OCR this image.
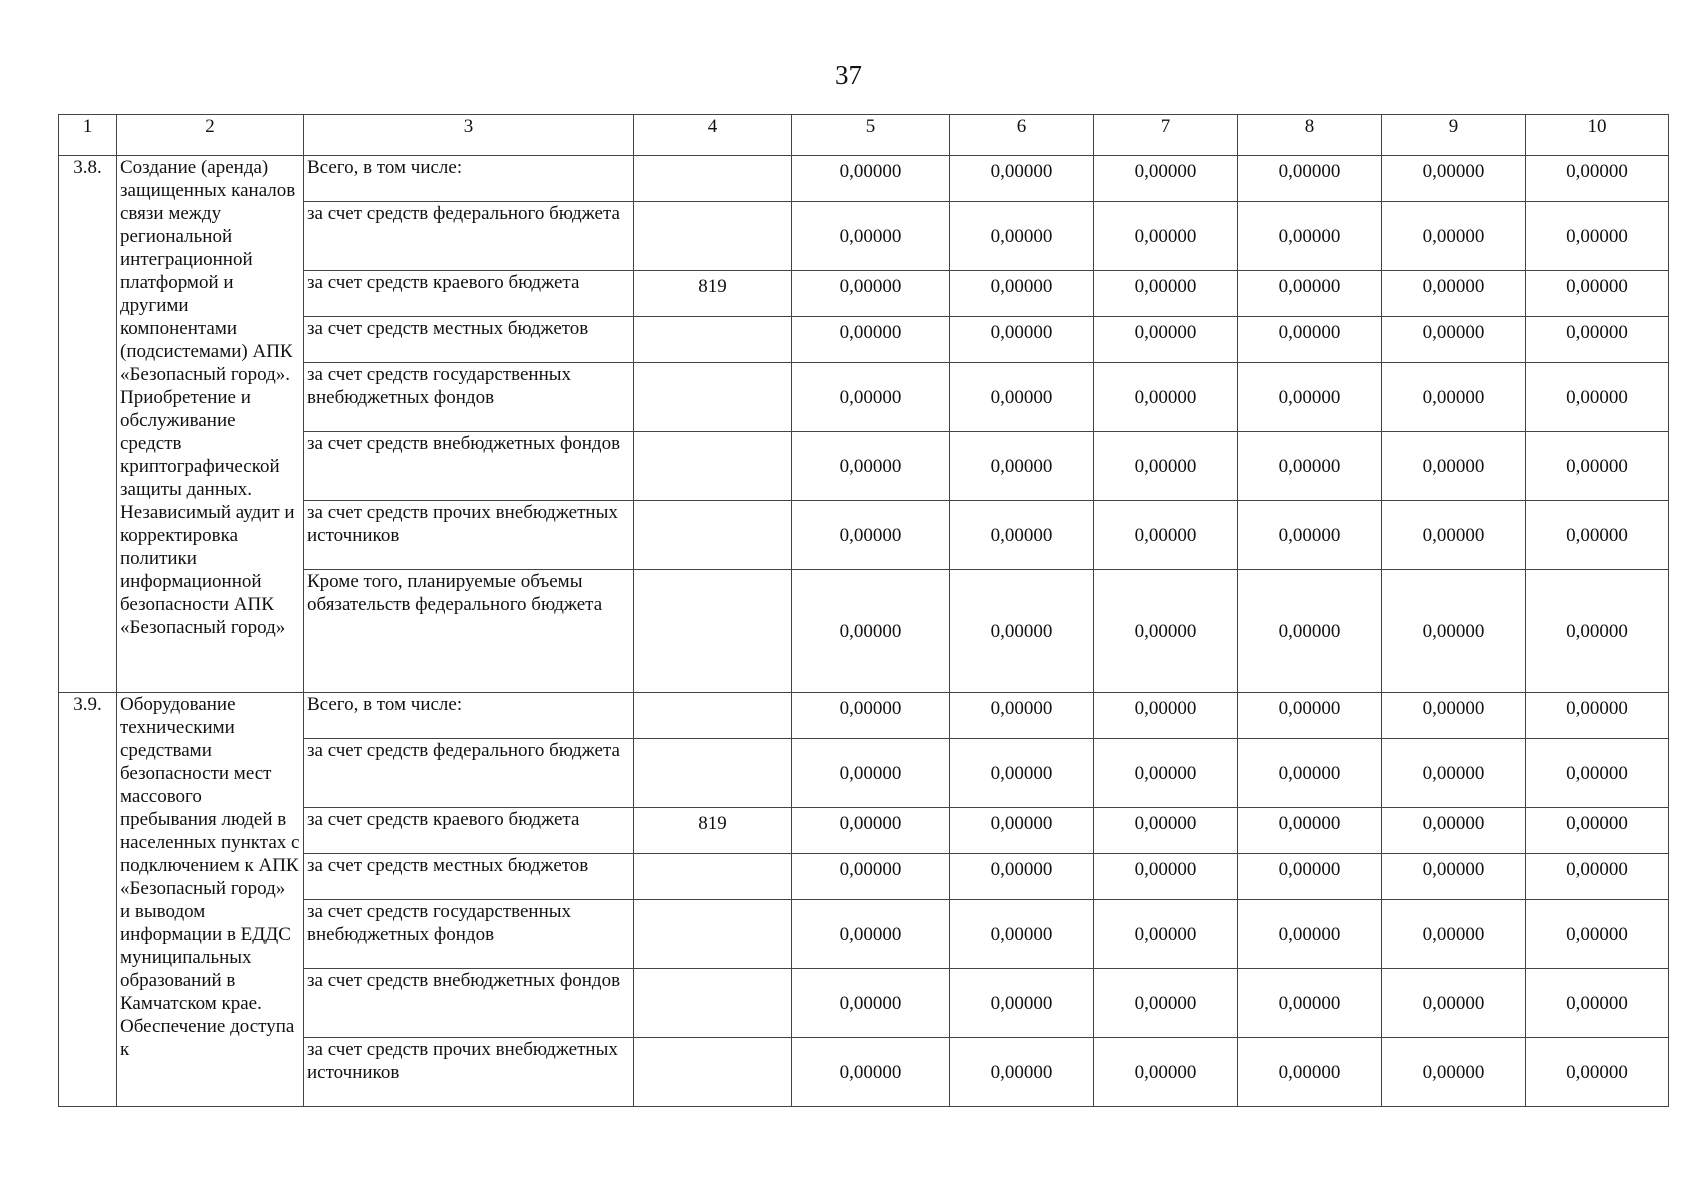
37
1	2	3	4	5	6	7	8	9	10
3.8.	Создание (аренда) защищенных каналов связи между региональной интеграционной платформой и другими компонентами (подсистемами) АПК «Безопасный город». Приобретение и обслуживание средств криптографической защиты данных. Независимый аудит и корректировка политики информационной безопасности АПК «Безопасный город»	Всего, в том числе:		0,00000	0,00000	0,00000	0,00000	0,00000	0,00000
		за счет средств федерального бюджета		0,00000	0,00000	0,00000	0,00000	0,00000	0,00000
		за счет средств краевого бюджета	819	0,00000	0,00000	0,00000	0,00000	0,00000	0,00000
		за счет средств местных бюджетов		0,00000	0,00000	0,00000	0,00000	0,00000	0,00000
		за счет средств государственных внебюджетных фондов		0,00000	0,00000	0,00000	0,00000	0,00000	0,00000
		за счет средств внебюджетных фондов		0,00000	0,00000	0,00000	0,00000	0,00000	0,00000
		за счет средств прочих внебюджетных источников		0,00000	0,00000	0,00000	0,00000	0,00000	0,00000
		Кроме того, планируемые объемы обязательств федерального бюджета		0,00000	0,00000	0,00000	0,00000	0,00000	0,00000
3.9.	Оборудование техническими средствами безопасности мест массового пребывания людей в населенных пунктах с подключением к АПК «Безопасный город» и выводом информации в ЕДДС муниципальных образований в Камчатском крае. Обеспечение доступа к	Всего, в том числе:		0,00000	0,00000	0,00000	0,00000	0,00000	0,00000
		за счет средств федерального бюджета		0,00000	0,00000	0,00000	0,00000	0,00000	0,00000
		за счет средств краевого бюджета	819	0,00000	0,00000	0,00000	0,00000	0,00000	0,00000
		за счет средств местных бюджетов		0,00000	0,00000	0,00000	0,00000	0,00000	0,00000
		за счет средств государственных внебюджетных фондов		0,00000	0,00000	0,00000	0,00000	0,00000	0,00000
		за счет средств внебюджетных фондов		0,00000	0,00000	0,00000	0,00000	0,00000	0,00000
		за счет средств прочих внебюджетных источников		0,00000	0,00000	0,00000	0,00000	0,00000	0,00000
